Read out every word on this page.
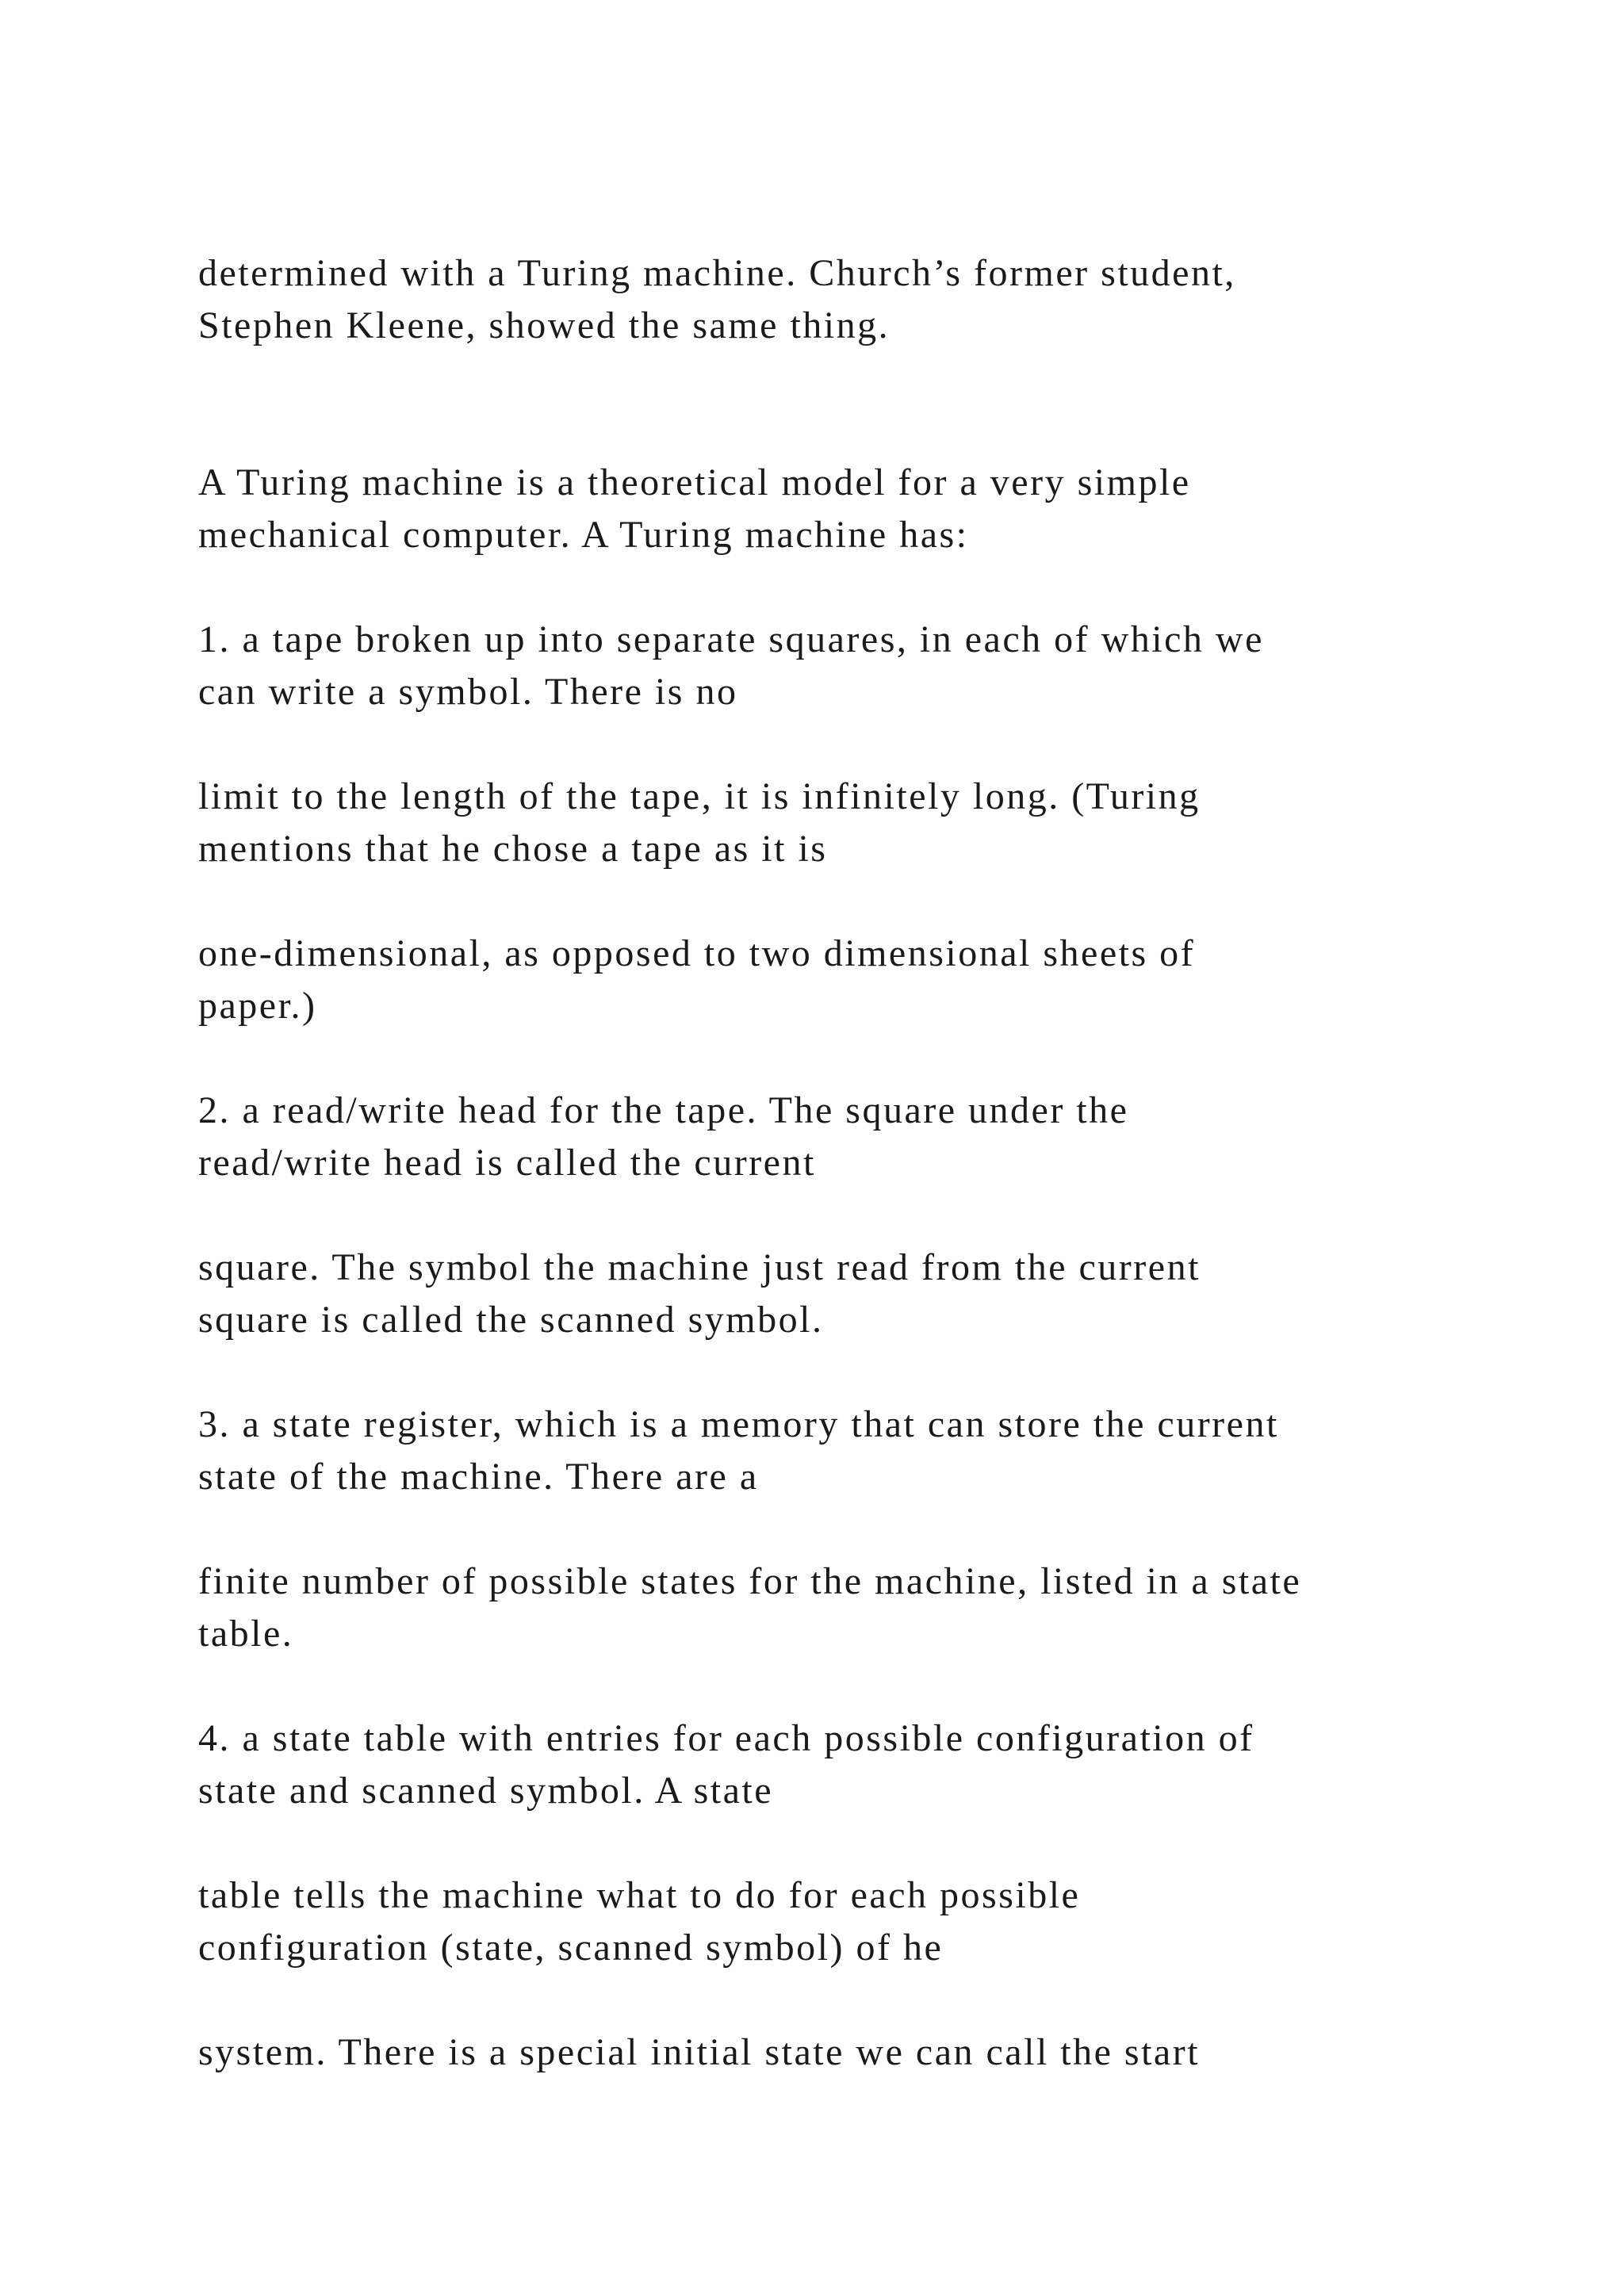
determined with a Turing machine. Church’s former student,
Stephen Kleene, showed the same thing.
A Turing machine is a theoretical model for a very simple
mechanical computer. A Turing machine has:
1. a tape broken up into separate squares, in each of which we
can write a symbol. There is no
limit to the length of the tape, it is infinitely long. (Turing
mentions that he chose a tape as it is
one-dimensional, as opposed to two dimensional sheets of
paper.)
2. a read/write head for the tape. The square under the
read/write head is called the current
square. The symbol the machine just read from the current
square is called the scanned symbol.
3. a state register, which is a memory that can store the current
state of the machine. There are a
finite number of possible states for the machine, listed in a state
table.
4. a state table with entries for each possible configuration of
state and scanned symbol. A state
table tells the machine what to do for each possible
configuration (state, scanned symbol) of he
system. There is a special initial state we can call the start
